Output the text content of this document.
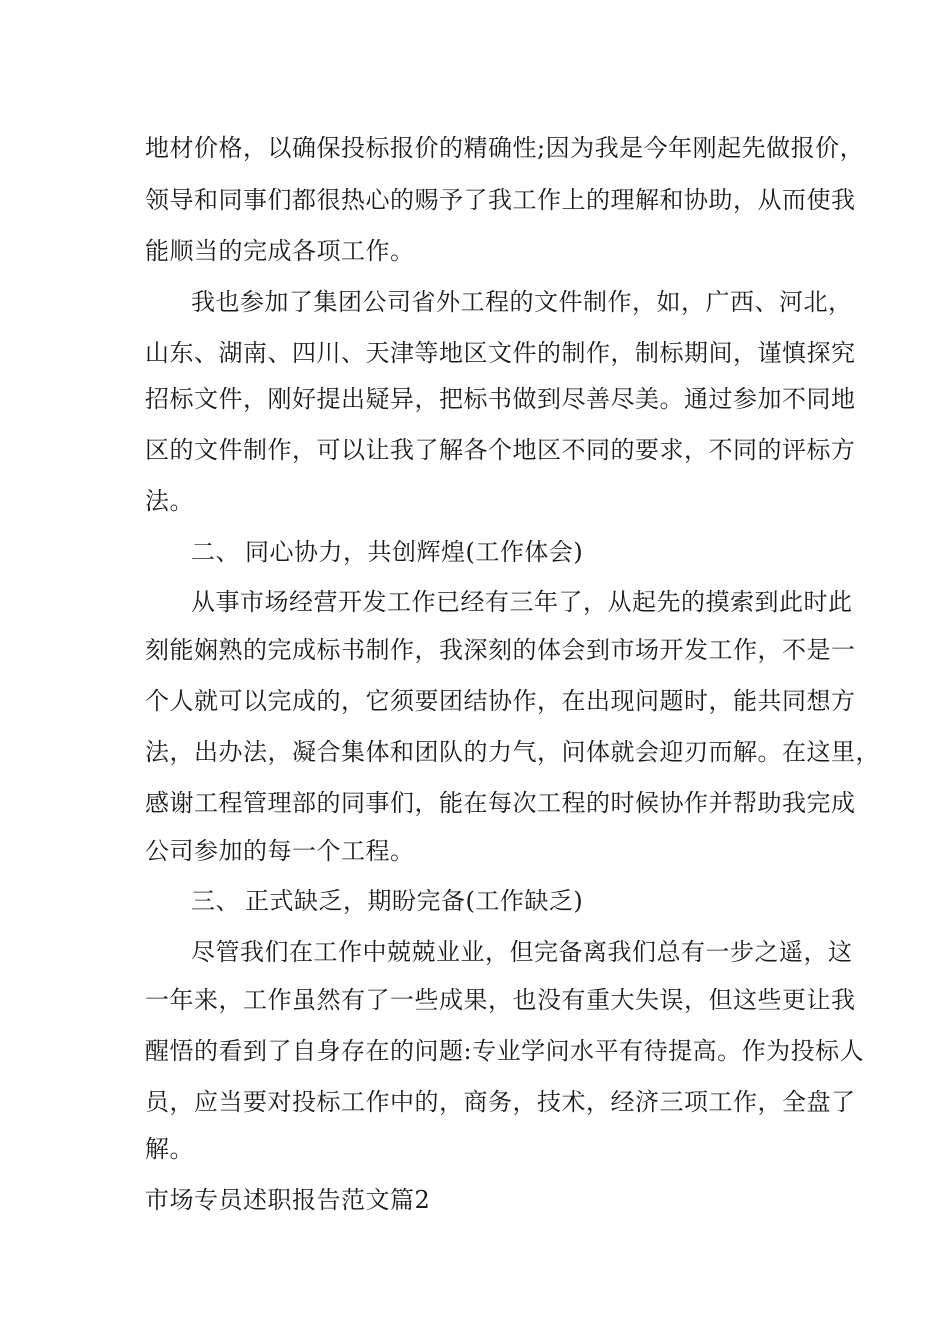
地材价格，以确保投标报价的精确性;因为我是今年刚起先做报价，
领导和同事们都很热心的赐予了我工作上的理解和协助，从而使我
能顺当的完成各项工作。
我也参加了集团公司省外工程的文件制作，如，广西、河北，
山东、湖南、四川、天津等地区文件的制作，制标期间，谨慎探究
招标文件，刚好提出疑异，把标书做到尽善尽美。通过参加不同地
区的文件制作，可以让我了解各个地区不同的要求，不同的评标方
法。
二、 同心协力，共创辉煌(工作体会)
从事市场经营开发工作已经有三年了，从起先的摸索到此时此
刻能娴熟的完成标书制作，我深刻的体会到市场开发工作，不是一
个人就可以完成的，它须要团结协作，在出现问题时，能共同想方
法，出办法，凝合集体和团队的力气，问体就会迎刃而解。在这里，
感谢工程管理部的同事们，能在每次工程的时候协作并帮助我完成
公司参加的每一个工程。
三、 正式缺乏，期盼完备(工作缺乏)
尽管我们在工作中兢兢业业，但完备离我们总有一步之遥，这
一年来，工作虽然有了一些成果，也没有重大失误，但这些更让我
醒悟的看到了自身存在的问题:专业学问水平有待提高。作为投标人
员，应当要对投标工作中的，商务，技术，经济三项工作，全盘了
解。
市场专员述职报告范文篇2
